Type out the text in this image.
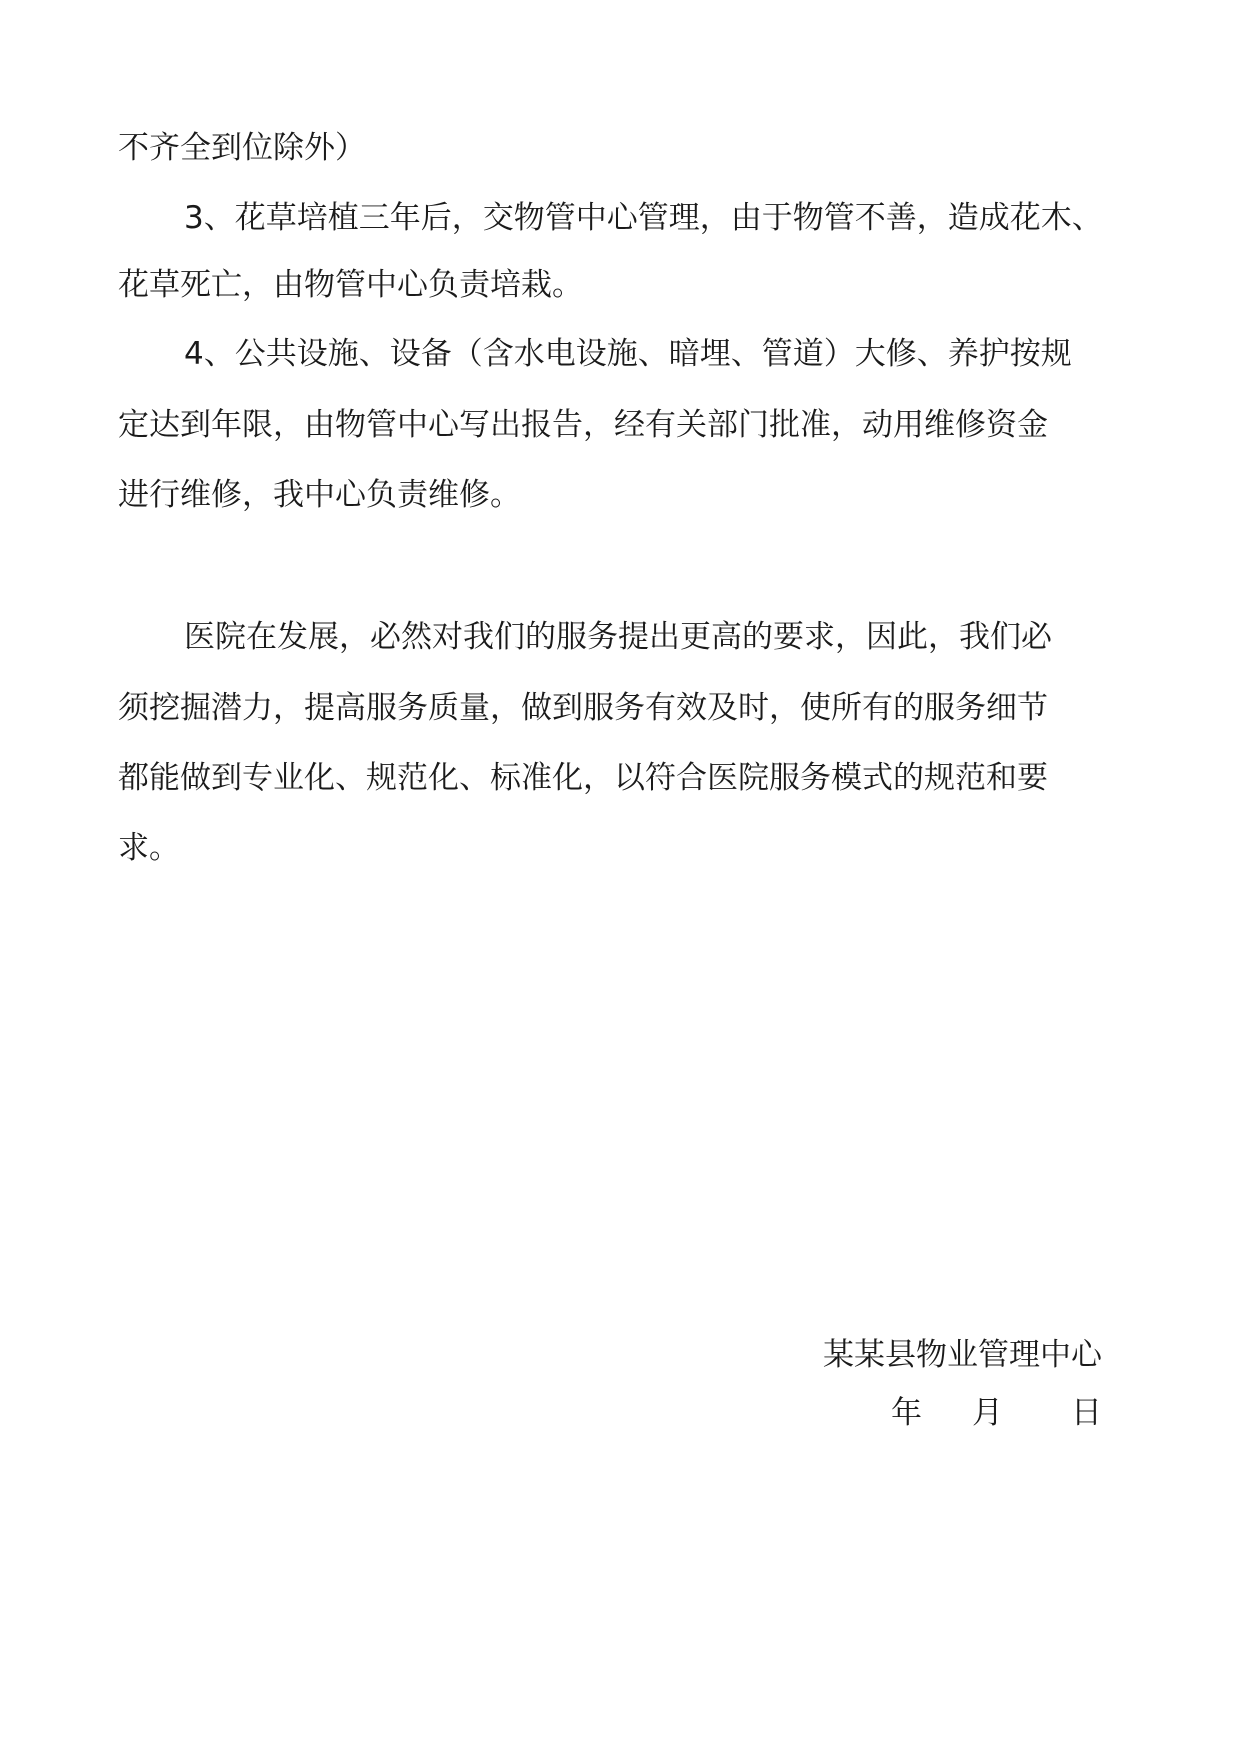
不齐全到位除外）

3、花草培植三年后，交物管中心管理，由于物管不善，造成花木、

花草死亡，由物管中心负责培栽。

4、公共设施、设备（含水电设施、暗埋、管道）大修、养护按规

定达到年限，由物管中心写出报告，经有关部门批准，动用维修资金

进行维修，我中心负责维修。

医院在发展，必然对我们的服务提出更高的要求，因此，我们必

须挖掘潜力，提高服务质量，做到服务有效及时，使所有的服务细节

都能做到专业化、规范化、标准化，以符合医院服务模式的规范和要

求。

某某县物业管理中心

年 月 日
